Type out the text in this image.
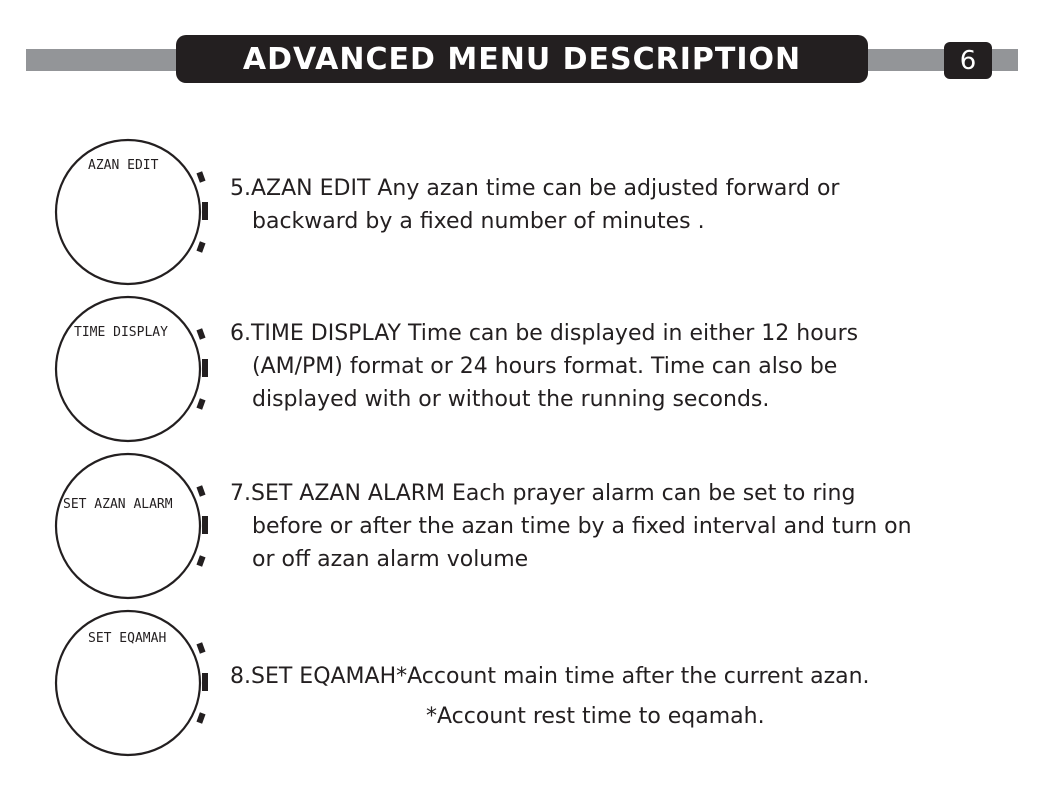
ADVANCED MENU DESCRIPTION	6
AZAN EDIT
TIME DISPLAY
SET AZAN ALARM
SET EQAMAH
5.AZAN EDIT Any azan time can be adjusted forward or
backward by a fixed number of minutes .
6.TIME DISPLAY Time can be displayed in either 12 hours
(AM/PM) format or 24 hours format. Time can also be
displayed with or without the running seconds.
7.SET AZAN ALARM Each prayer alarm can be set to ring
before or after the azan time by a fixed interval and turn on
or off azan alarm volume
8.SET EQAMAH*Account main time after the current azan.
*Account rest time to eqamah.
